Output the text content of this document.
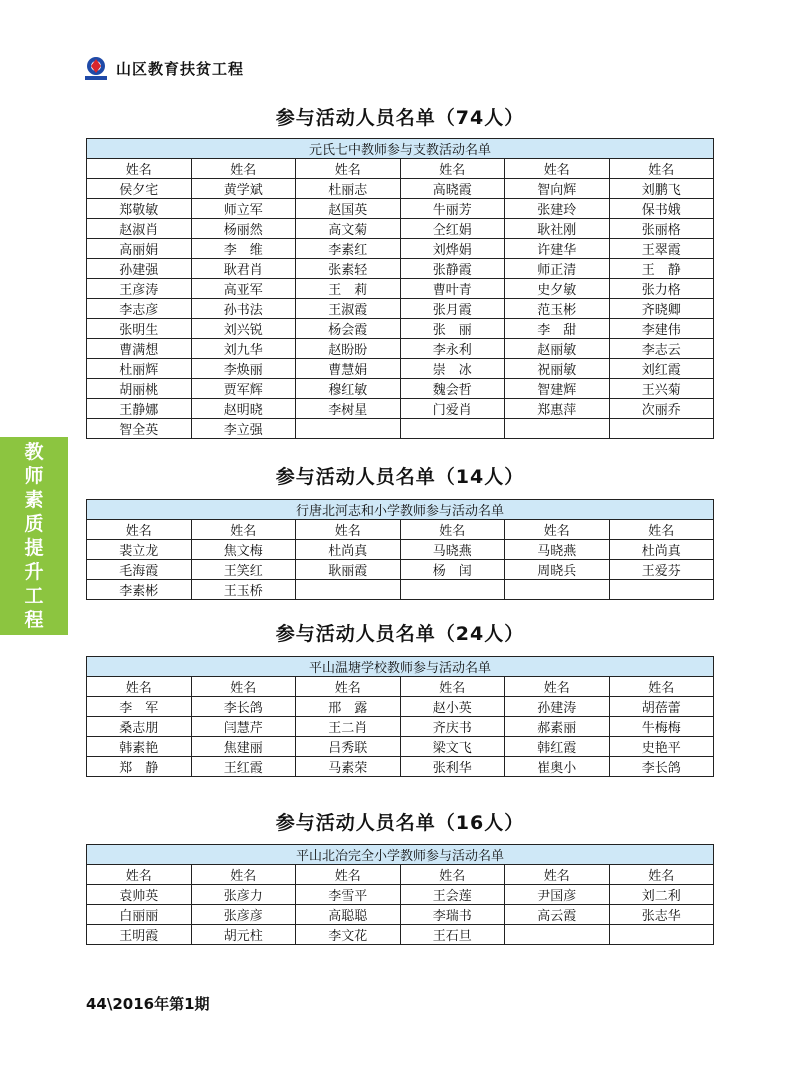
山区教育扶贫工程
教
师
素
质
提
升
工
程
参与活动人员名单（74人）
元氏七中教师参与支教活动名单					
姓名	姓名	姓名	姓名	姓名	姓名
侯夕宅	黄学斌	杜丽志	高晓霞	智向辉	刘鹏飞
郑敬敏	师立军	赵国英	牛丽芳	张建玲	保书娥
赵淑肖	杨丽然	高文菊	仝红娟	耿社刚	张丽格
高丽娟	李　维	李素红	刘烨娟	许建华	王翠霞
孙建强	耿君肖	张素轻	张静霞	师正清	王　静
王彦涛	高亚军	王　莉	曹叶青	史夕敏	张力格
李志彦	孙书法	王淑霞	张月霞	范玉彬	齐晓卿
张明生	刘兴锐	杨会霞	张　丽	李　甜	李建伟
曹满想	刘九华	赵盼盼	李永利	赵丽敏	李志云
杜丽辉	李焕丽	曹慧娟	崇　冰	祝丽敏	刘红霞
胡丽桃	贾军辉	穆红敏	魏会哲	智建辉	王兴菊
王静娜	赵明晓	李树星	门爱肖	郑惠萍	次丽乔
智全英	李立强				
参与活动人员名单（14人）
行唐北河志和小学教师参与活动名单					
姓名	姓名	姓名	姓名	姓名	姓名
裴立龙	焦文梅	杜尚真	马晓燕	马晓燕	杜尚真
毛海霞	王笑红	耿丽霞	杨　闰	周晓兵	王爱芬
李素彬	王玉桥				
参与活动人员名单（24人）
平山温塘学校教师参与活动名单					
姓名	姓名	姓名	姓名	姓名	姓名
李　军	李长鸽	邢　露	赵小英	孙建涛	胡蓓蕾
桑志朋	闫慧芹	王二肖	齐庆书	郝素丽	牛梅梅
韩素艳	焦建丽	吕秀联	梁文飞	韩红霞	史艳平
郑　静	王红霞	马素荣	张利华	崔奥小	李长鸽
参与活动人员名单（16人）
平山北冶完全小学教师参与活动名单					
姓名	姓名	姓名	姓名	姓名	姓名
袁帅英	张彦力	李雪平	王会莲	尹国彦	刘二利
白丽丽	张彦彦	高聪聪	李瑞书	高云霞	张志华
王明霞	胡元柱	李文花	王石旦		
44\2016年第1期
